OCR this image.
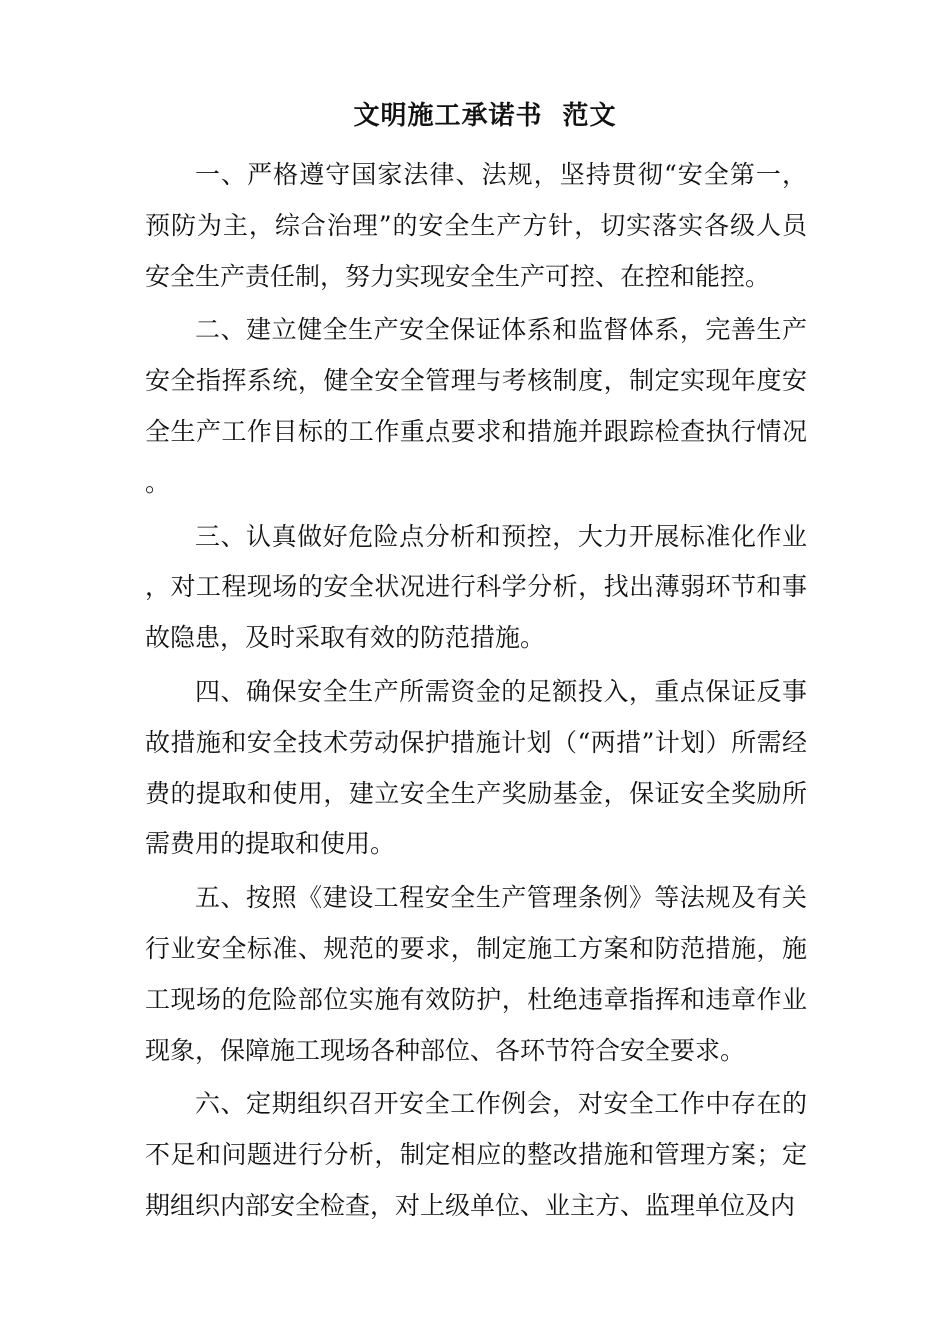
文明施工承诺书  范文

一、严格遵守国家法律、法规，坚持贯彻“安全第一，预防为主，综合治理”的安全生产方针，切实落实各级人员安全生产责任制，努力实现安全生产可控、在控和能控。

二、建立健全生产安全保证体系和监督体系，完善生产安全指挥系统，健全安全管理与考核制度，制定实现年度安全生产工作目标的工作重点要求和措施并跟踪检查执行情况。

三、认真做好危险点分析和预控，大力开展标准化作业，对工程现场的安全状况进行科学分析，找出薄弱环节和事故隐患，及时采取有效的防范措施。

四、确保安全生产所需资金的足额投入，重点保证反事故措施和安全技术劳动保护措施计划（“两措”计划）所需经费的提取和使用，建立安全生产奖励基金，保证安全奖励所需费用的提取和使用。

五、按照《建设工程安全生产管理条例》等法规及有关行业安全标准、规范的要求，制定施工方案和防范措施，施工现场的危险部位实施有效防护，杜绝违章指挥和违章作业现象，保障施工现场各种部位、各环节符合安全要求。

六、定期组织召开安全工作例会，对安全工作中存在的不足和问题进行分析，制定相应的整改措施和管理方案；定期组织内部安全检查，对上级单位、业主方、监理单位及内
